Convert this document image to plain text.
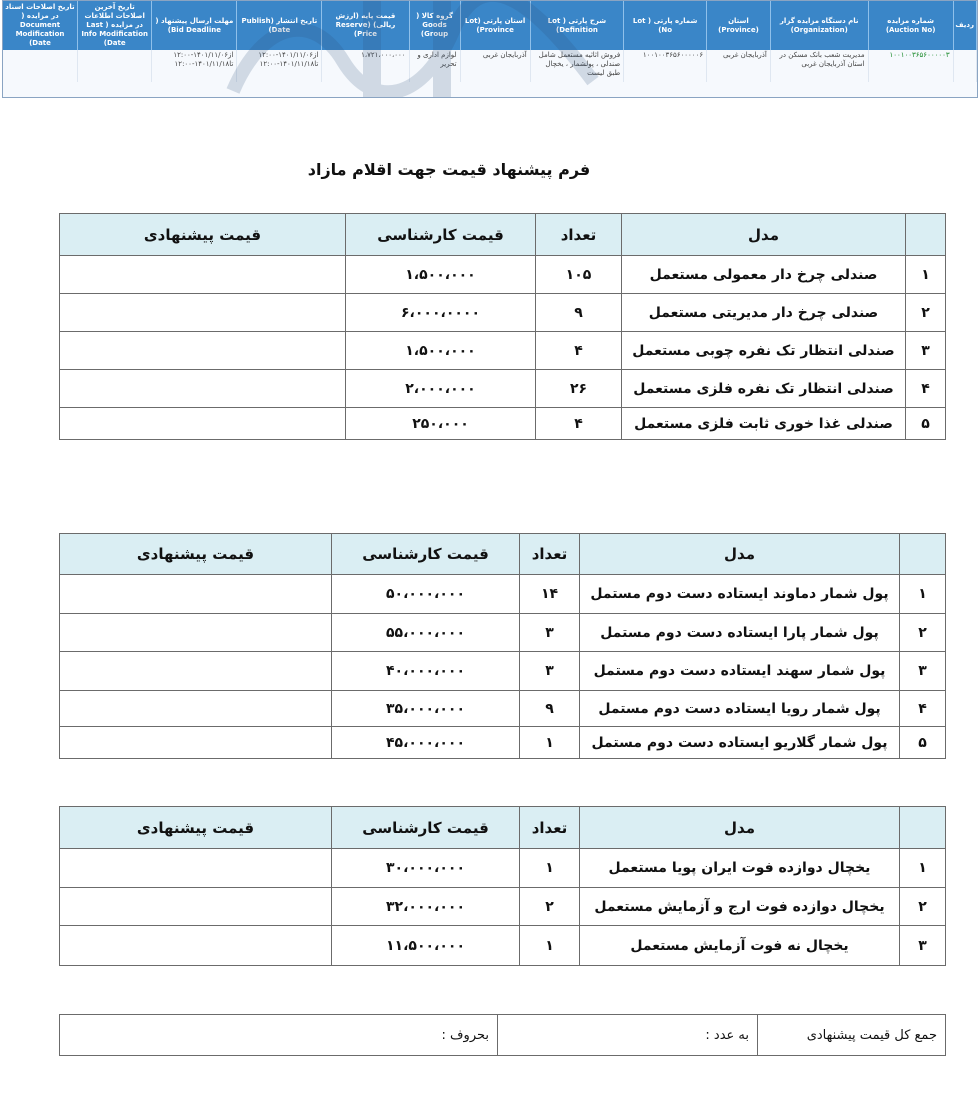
ردیف	شماره مزایده (Auction No)	نام دستگاه مزایده گزار (Organization)	استان (Province)	شماره پارتی ( Lot No)	شرح پارتی ( Lot Definition)	استان پارتی (Lot Province)	گروه کالا ( Goods Group)	قیمت پایه (ارزش ریالی) (Reserve Price)	تاریخ انتشار (Publish Date)	مهلت ارسال پیشنهاد ( Bid Deadline)	تاریخ آخرین اصلاحات اطلاعات در مزایده ( Last Info Modification Date)	تاریخ اصلاحات اسناد در مزایده ( Document Modification Date)
	۱۰۰۱۰۰۳۶۵۶۰۰۰۰۰۳	مدیریت شعب بانک مسکن در استان آذربایجان غربی	آذربایجان غربی	۱۰۰۱۰۰۳۶۵۶۰۰۰۰۰۶	فروش اثاثیه مستعمل شامل صندلی ، پولشمار ، یخچال طبق لیست	آذربایجان غربی	لوازم اداری و تحریر	۱،۷۲۱،۰۰۰،۰۰۰	از۱۴۰۱/۱۱/۰۶-۱۲:۰۰ تا۱۴۰۱/۱۱/۱۸-۱۲:۰۰	از۱۴۰۱/۱۱/۰۶-۱۲:۰۰ تا۱۴۰۱/۱۱/۱۸-۱۲:۰۰		
فرم پیشنهاد قیمت جهت اقلام مازاد
	مدل	تعداد	قیمت کارشناسی	قیمت پیشنهادی
۱	صندلی چرخ دار معمولی مستعمل	۱۰۵	۱،۵۰۰،۰۰۰	
۲	صندلی چرخ دار مدیریتی مستعمل	۹	۶،۰۰۰،۰۰۰۰	
۳	صندلی انتظار تک نفره چوبی مستعمل	۴	۱،۵۰۰،۰۰۰	
۴	صندلی انتظار تک نفره فلزی مستعمل	۲۶	۲،۰۰۰،۰۰۰	
۵	صندلی غذا خوری ثابت فلزی مستعمل	۴	۲۵۰،۰۰۰	
	مدل	تعداد	قیمت کارشناسی	قیمت پیشنهادی
۱	پول شمار دماوند ایستاده دست دوم مستمل	۱۴	۵۰،۰۰۰،۰۰۰	
۲	پول شمار پارا ایستاده دست دوم مستمل	۳	۵۵،۰۰۰،۰۰۰	
۳	پول شمار سهند ایستاده دست دوم مستمل	۳	۴۰،۰۰۰،۰۰۰	
۴	پول شمار رویا ایستاده دست دوم مستمل	۹	۳۵،۰۰۰،۰۰۰	
۵	پول شمار گلاریو ایستاده دست دوم مستمل	۱	۴۵،۰۰۰،۰۰۰	
	مدل	تعداد	قیمت کارشناسی	قیمت پیشنهادی
۱	یخچال دوازده فوت ایران پویا مستعمل	۱	۳۰،۰۰۰،۰۰۰	
۲	یخچال دوازده فوت ارج و آزمایش مستعمل	۲	۳۲،۰۰۰،۰۰۰	
۳	یخچال نه فوت آزمایش مستعمل	۱	۱۱،۵۰۰،۰۰۰	
جمع کل قیمت پیشنهادی	به عدد :	بحروف :
